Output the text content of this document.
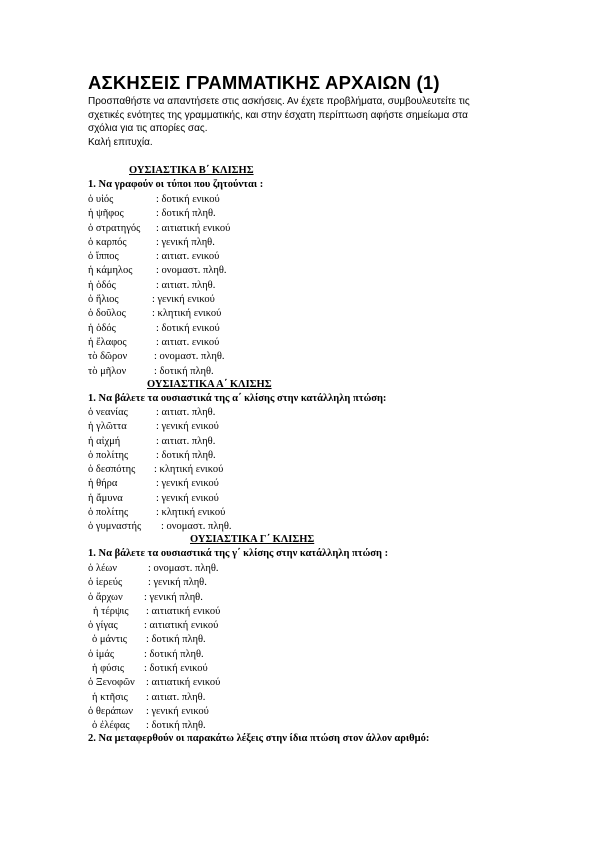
ΑΣΚΗΣΕΙΣ ΓΡΑΜΜΑΤΙΚΗΣ ΑΡΧΑΙΩΝ (1)
Προσπαθήστε να απαντήσετε στις ασκήσεις. Αν έχετε προβλήματα, συμβουλευτείτε τις
σχετικές ενότητες της γραμματικής, και στην έσχατη περίπτωση αφήστε σημείωμα στα
σχόλια για τις απορίες σας.
Καλή επιτυχία.
ΟΥΣΙΑΣΤΙΚΑ Β΄ ΚΛΙΣΗΣ
1. Να γραφούν οι τύποι που ζητούνται :
ὁ υἱός	: δοτική ενικού
ἡ ψῆφος	: δοτική πληθ.
ὁ στρατηγός : αιτιατική ενικού
ὁ καρπός	: γενική πληθ.
ὁ ἵππος	: αιτιατ. ενικού
ἡ κάμηλος : ονομαστ. πληθ.
ἡ ὁδός	: αιτιατ. πληθ.
ὁ ἥλιος	: γενική ενικού
ὁ δοῦλος : κλητική ενικού
ἡ ὁδός	: δοτική ενικού
ἡ ἔλαφος	: αιτιατ. ενικού
τὸ δῶρον	: ονομαστ. πληθ.
τὸ μῆλον	: δοτική πληθ.
ΟΥΣΙΑΣΤΙΚΑ Α΄ ΚΛΙΣΗΣ
1. Να βάλετε τα ουσιαστικά της α΄ κλίσης στην κατάλληλη πτώση:
ὁ νεανίας	: αιτιατ. πληθ.
ἡ γλῶττα	: γενική ενικού
ἡ αἰχμή	: αιτιατ. πληθ.
ὁ πολίτης	: δοτική πληθ.
ὁ δεσπότης : κλητική ενικού
ἡ θήρα	: γενική ενικού
ἡ ἄμυνα	: γενική ενικού
ὁ πολίτης	: κλητική ενικού
ὁ γυμναστής : ονομαστ. πληθ.
ΟΥΣΙΑΣΤΙΚΑ Γ΄ ΚΛΙΣΗΣ
1. Να βάλετε τα ουσιαστικά της γ΄ κλίσης στην κατάλληλη πτώση :
ὁ λέων	: ονομαστ. πληθ.
ὁ ἱερεύς : γενική πληθ.
ὁ ἄρχων : γενική πληθ.
ἡ τέρψις : αιτιατική ενικού
ὁ γίγας	: αιτιατική ενικού
ὁ μάντις : δοτική πληθ.
ὁ ἱμάς	: δοτική πληθ.
ἡ φύσις : δοτική ενικού
ὁ Ξενοφῶν : αιτιατική ενικού
ἡ κτῆσις : αιτιατ. πληθ.
ὁ θεράπων : γενική ενικού
ὁ ἐλέφας : δοτική πληθ.
2. Να μεταφερθούν οι παρακάτω λέξεις στην ίδια πτώση στον άλλον αριθμό:
